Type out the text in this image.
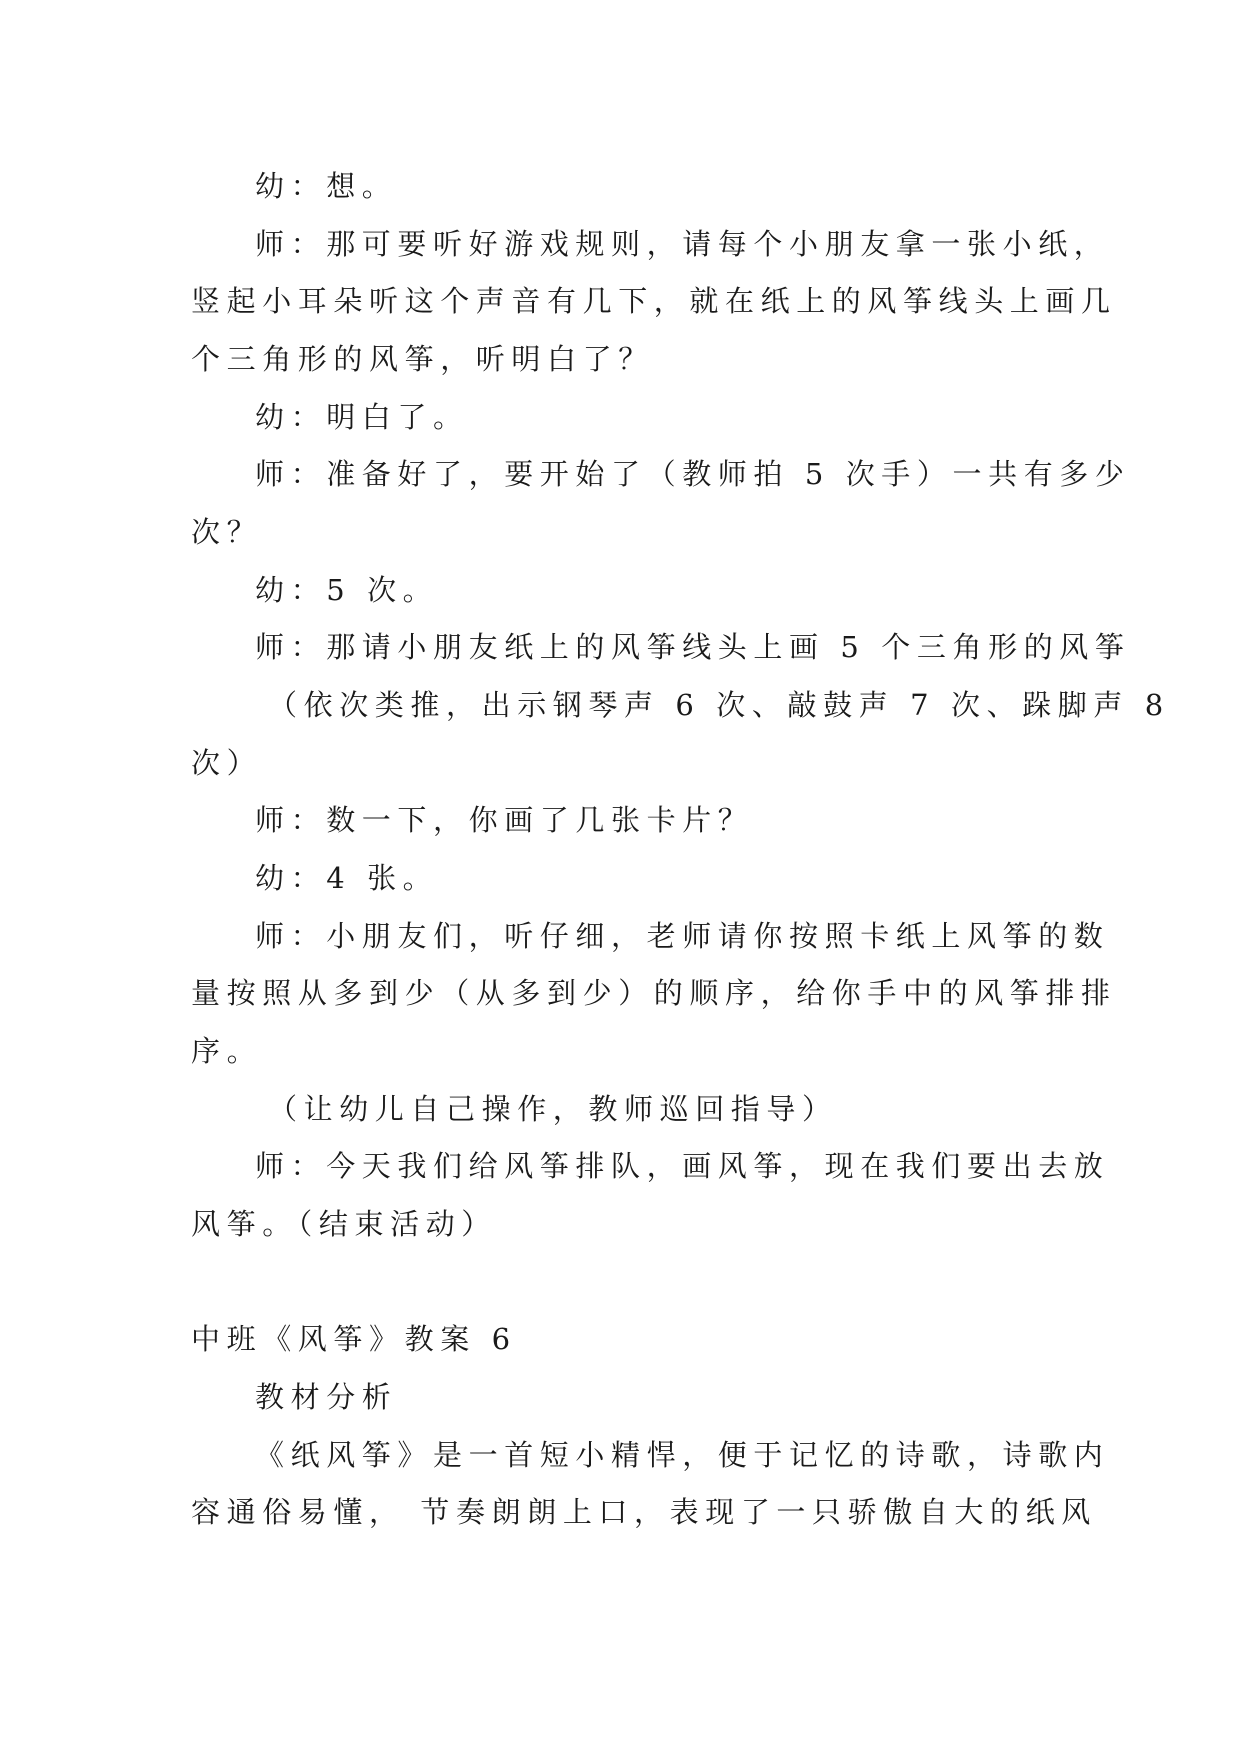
幼：想。
师：那可要听好游戏规则，请每个小朋友拿一张小纸，
竖起小耳朵听这个声音有几下，就在纸上的风筝线头上画几
个三角形的风筝，听明白了？
幼：明白了。
师：准备好了，要开始了（教师拍 5 次手）一共有多少
次？
幼：5 次。
师：那请小朋友纸上的风筝线头上画 5 个三角形的风筝
（依次类推，出示钢琴声 6 次、敲鼓声 7 次、跺脚声 8
次）
师：数一下，你画了几张卡片？
幼：4 张。
师：小朋友们，听仔细，老师请你按照卡纸上风筝的数
量按照从多到少（从多到少）的顺序，给你手中的风筝排排
序。
（让幼儿自己操作，教师巡回指导）
师：今天我们给风筝排队，画风筝，现在我们要出去放
风筝。（结束活动）
中班《风筝》教案 6
教材分析
《纸风筝》是一首短小精悍，便于记忆的诗歌，诗歌内
容通俗易懂， 节奏朗朗上口，表现了一只骄傲自大的纸风
